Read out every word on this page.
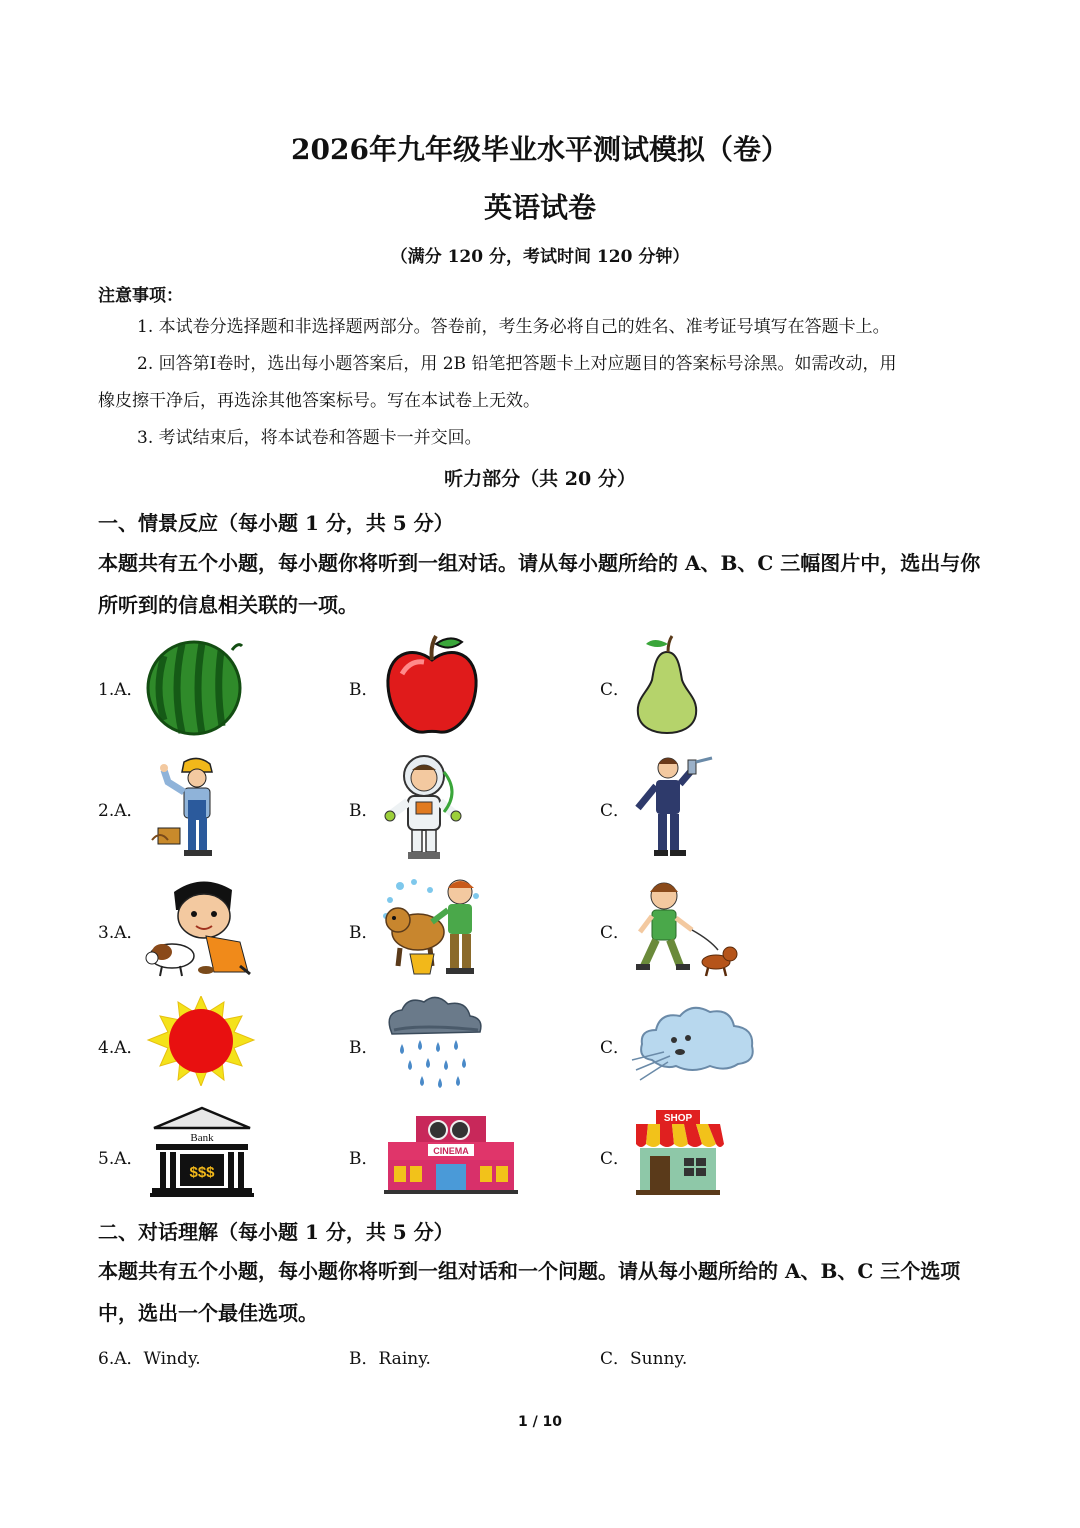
2026年九年级毕业水平测试模拟（卷）
英语试卷
（满分 120 分，考试时间 120 分钟）
注意事项：
1. 本试卷分选择题和非选择题两部分。答卷前，考生务必将自己的姓名、准考证号填写在答题卡上。
2. 回答第Ⅰ卷时，选出每小题答案后，用 2B 铅笔把答题卡上对应题目的答案标号涂黑。如需改动，用
橡皮擦干净后，再选涂其他答案标号。写在本试卷上无效。
3. 考试结束后，将本试卷和答题卡一并交回。
听力部分（共 20 分）
一、情景反应（每小题 1 分，共 5 分）
本题共有五个小题，每小题你将听到一组对话。请从每小题所给的 A、B、C 三幅图片中，选出与你所听到的信息相关联的一项。
1.A．	B．	C．
2.A．	B．	C．
3.A．	B．	C．
4.A．	B．	C．
5.A．	B．	C．
Bank
$$$
CINEMA
SHOP
二、对话理解（每小题 1 分，共 5 分）
本题共有五个小题，每小题你将听到一组对话和一个问题。请从每小题所给的 A、B、C 三个选项中，选出一个最佳选项。
6.A．Windy.	B．Rainy.	C．Sunny.
1 / 10
